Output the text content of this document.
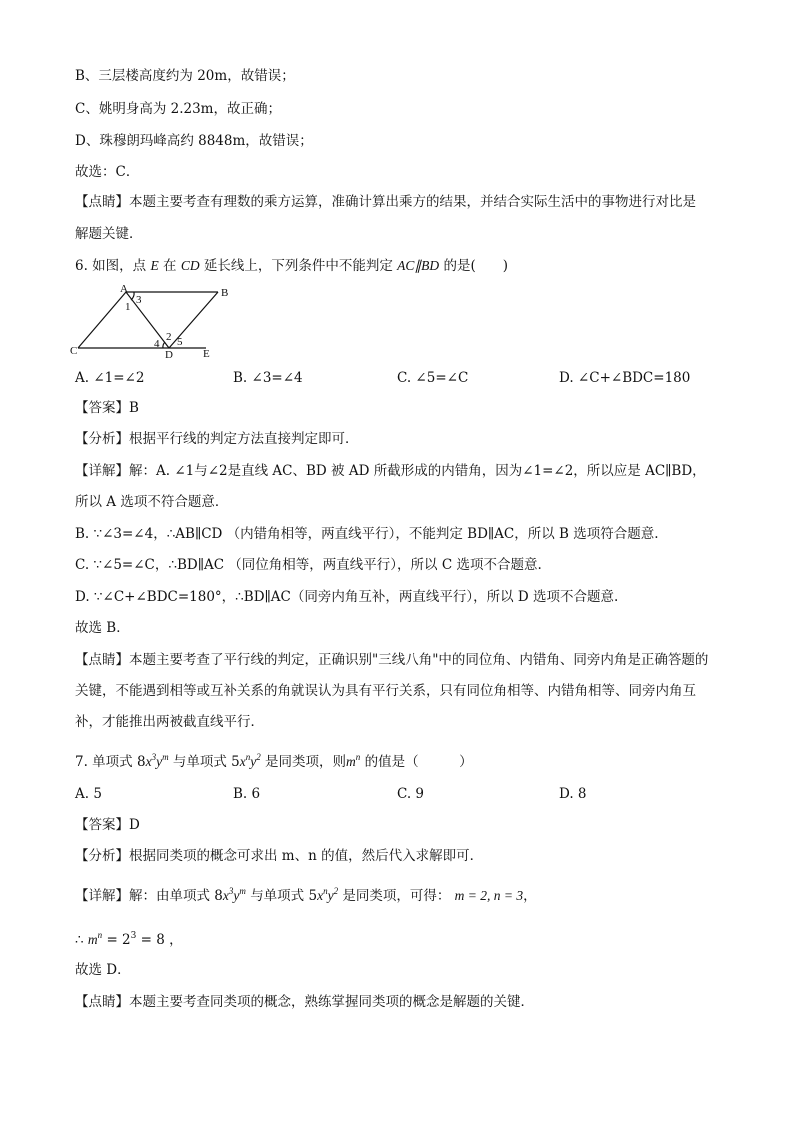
B、三层楼高度约为 20m，故错误；
C、姚明身高为 2.23m，故正确；
D、珠穆朗玛峰高约 8848m，故错误；
故选：C．
【点睛】本题主要考查有理数的乘方运算，准确计算出乘方的结果，并结合实际生活中的事物进行对比是
解题关键．
6. 如图，点 E 在 CD 延长线上，下列条件中不能判定 AC∥BD 的是(　　)
A	B
C	D	E
1
3
2
4 5
A. ∠1=∠2	B. ∠3=∠4	C. ∠5=∠C	D. ∠C+∠BDC=180
【答案】B
【分析】根据平行线的判定方法直接判定即可．
【详解】解：A. ∠1与∠2是直线 AC、BD 被 AD 所截形成的内错角，因为∠1=∠2，所以应是 AC∥BD，
所以 A 选项不符合题意．
B. ∵∠3=∠4，∴AB∥CD （内错角相等，两直线平行），不能判定 BD∥AC，所以 B 选项符合题意.
C. ∵∠5=∠C，∴BD∥AC （同位角相等，两直线平行），所以 C 选项不合题意.
D. ∵∠C+∠BDC=180°，∴BD∥AC（同旁内角互补，两直线平行），所以 D 选项不合题意.
故选 B．
【点睛】本题主要考查了平行线的判定，正确识别"三线八角"中的同位角、内错角、同旁内角是正确答题的
关键，不能遇到相等或互补关系的角就误认为具有平行关系，只有同位角相等、内错角相等、同旁内角互
补，才能推出两被截直线平行．
7. 单项式 $8x^3y^m$ 与单项式 $5x^ny^2$ 是同类项，则$m^n$ 的值是（　　　）
A. 5	B. 6	C. 9	D. 8
【答案】D
【分析】根据同类项的概念可求出 m、n 的值，然后代入求解即可．
【详解】解：由单项式 $8x^3y^m$ 与单项式 $5x^ny^2$ 是同类项，可得： m = 2, n = 3，
∴ $m^n = 2^3 = 8$ ，
故选 D．
【点睛】本题主要考查同类项的概念，熟练掌握同类项的概念是解题的关键．
